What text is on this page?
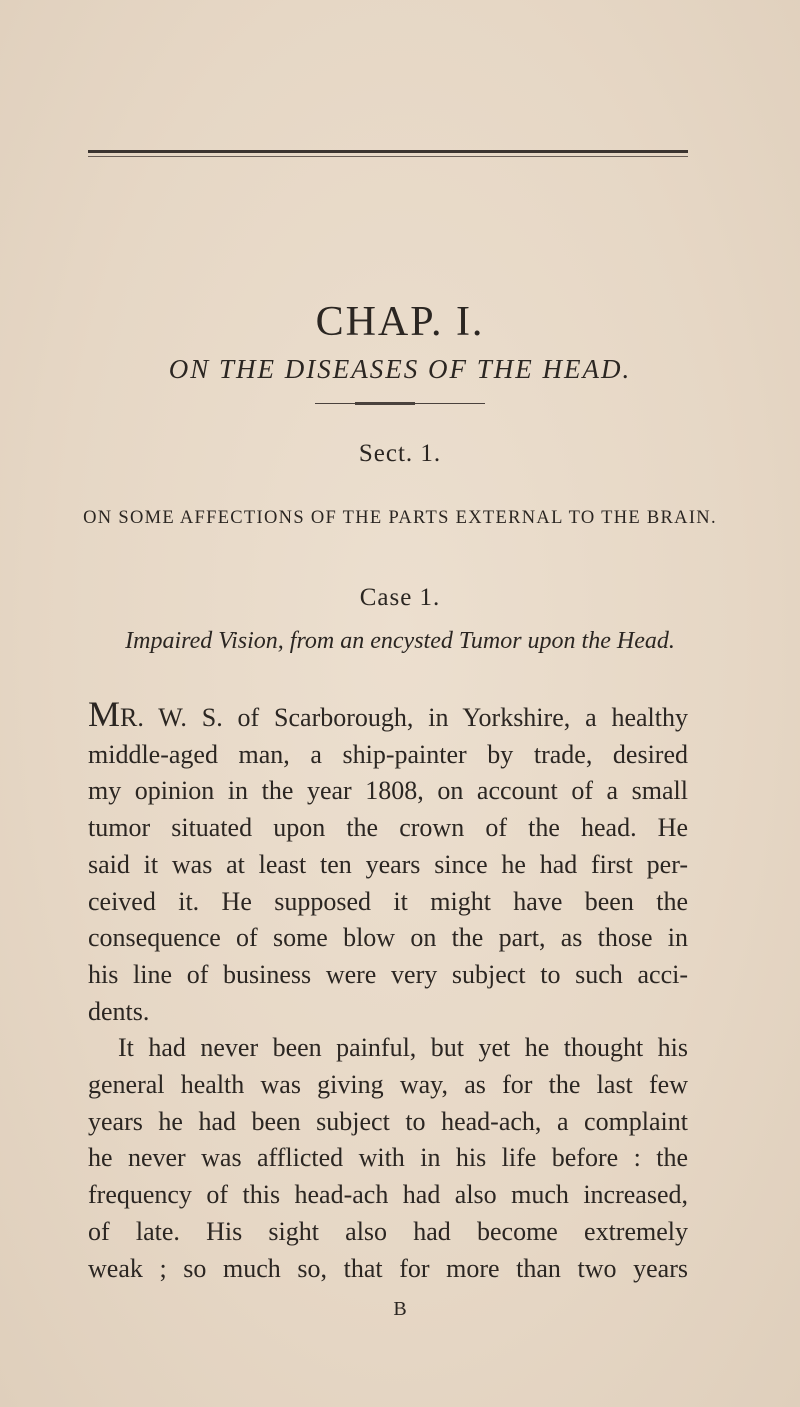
CHAP. I.
ON THE DISEASES OF THE HEAD.
Sect. 1.
ON SOME AFFECTIONS OF THE PARTS EXTERNAL TO THE BRAIN.
Case 1.
Impaired Vision, from an encysted Tumor upon the Head.
MR. W. S. of Scarborough, in Yorkshire, a healthy
middle-aged man, a ship-painter by trade, desired
my opinion in the year 1808, on account of a small
tumor situated upon the crown of the head. He
said it was at least ten years since he had first per-
ceived it. He supposed it might have been the
consequence of some blow on the part, as those in
his line of business were very subject to such acci-
dents.
It had never been painful, but yet he thought his
general health was giving way, as for the last few
years he had been subject to head-ach, a complaint
he never was afflicted with in his life before : the
frequency of this head-ach had also much increased,
of late. His sight also had become extremely
weak ; so much so, that for more than two years
B
